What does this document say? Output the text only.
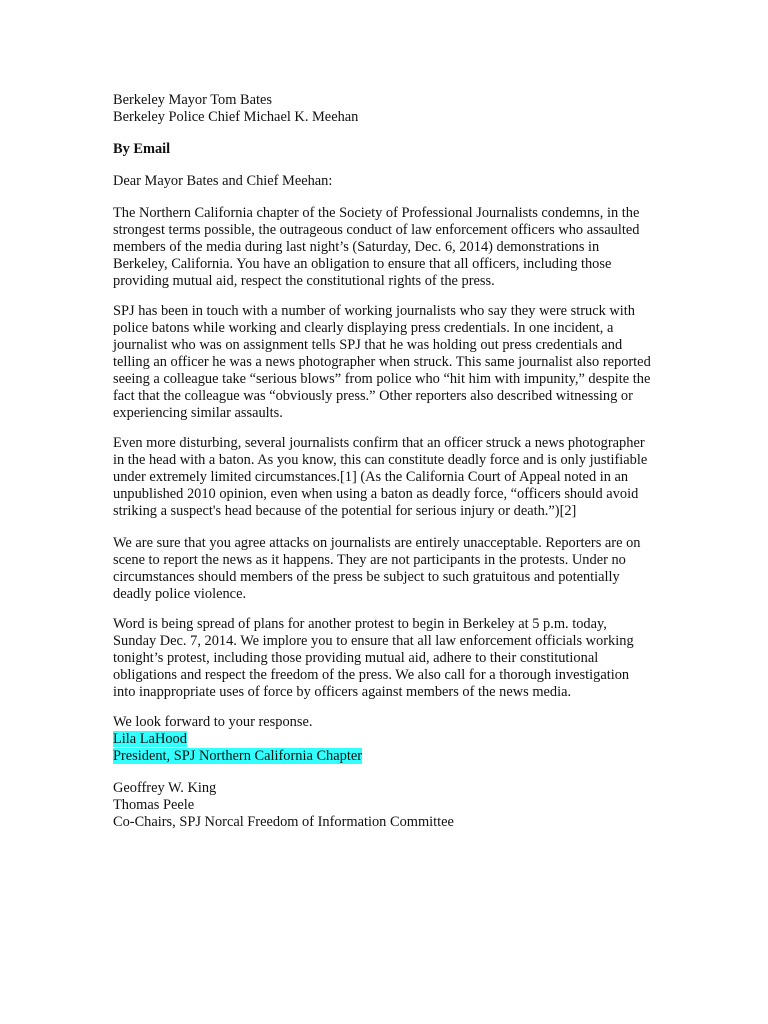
Berkeley Mayor Tom Bates
Berkeley Police Chief Michael K. Meehan
By Email
Dear Mayor Bates and Chief Meehan:
The Northern California chapter of the Society of Professional Journalists condemns, in the
strongest terms possible, the outrageous conduct of law enforcement officers who assaulted
members of the media during last night’s (Saturday, Dec. 6, 2014) demonstrations in
Berkeley, California. You have an obligation to ensure that all officers, including those
providing mutual aid, respect the constitutional rights of the press.
SPJ has been in touch with a number of working journalists who say they were struck with
police batons while working and clearly displaying press credentials. In one incident, a
journalist who was on assignment tells SPJ that he was holding out press credentials and
telling an officer he was a news photographer when struck. This same journalist also reported
seeing a colleague take “serious blows” from police who “hit him with impunity,” despite the
fact that the colleague was “obviously press.” Other reporters also described witnessing or
experiencing similar assaults.
Even more disturbing, several journalists confirm that an officer struck a news photographer
in the head with a baton. As you know, this can constitute deadly force and is only justifiable
under extremely limited circumstances.[1] (As the California Court of Appeal noted in an
unpublished 2010 opinion, even when using a baton as deadly force, “officers should avoid
striking a suspect's head because of the potential for serious injury or death.”)[2]
We are sure that you agree attacks on journalists are entirely unacceptable. Reporters are on
scene to report the news as it happens. They are not participants in the protests. Under no
circumstances should members of the press be subject to such gratuitous and potentially
deadly police violence.
Word is being spread of plans for another protest to begin in Berkeley at 5 p.m. today,
Sunday Dec. 7, 2014. We implore you to ensure that all law enforcement officials working
tonight’s protest, including those providing mutual aid, adhere to their constitutional
obligations and respect the freedom of the press. We also call for a thorough investigation
into inappropriate uses of force by officers against members of the news media.
We look forward to your response.
Lila LaHood
President, SPJ Northern California Chapter
Geoffrey W. King
Thomas Peele
Co-Chairs, SPJ Norcal Freedom of Information Committee
